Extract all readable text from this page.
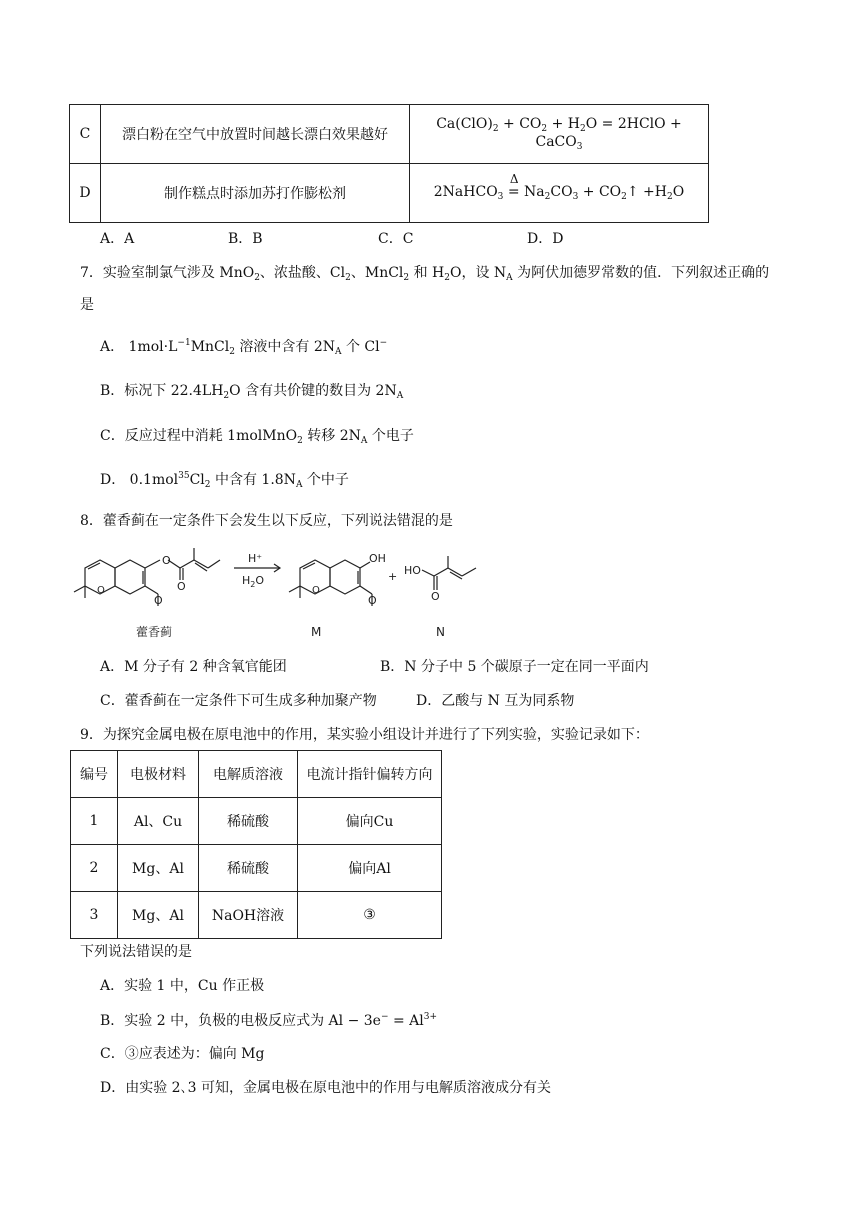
C	漂白粉在空气中放置时间越长漂白效果越好	$Ca(ClO)_2 + CO_2 + H_2O$ = 2HClO + CaCO$_3$
D	制作糕点时添加苏打作膨松剂	2NaHCO$_3$
Δ
= $Na_2CO_3$ + $CO_2↑ +H_2O$
A．A	B．B	C．C	D．D
7．实验室制氯气涉及 MnO$_2$、浓盐酸、$Cl_2$、MnCl$_2$ 和 $H_2O$，设 $N_A$ 为阿伏加德罗常数的值．下列叙述正确的
是
A． $1mol\cdot L^{-1}MnCl_2$ 溶液中含有 $2N_A$ 个 Cl−
B．标况下 $22.4LH_2O$ 含有共价键的数目为 $2N_A$
C．反应过程中消耗 1molMnO$_2$ 转移 $2N_A$ 个电子
D． $0.1mol^{35}Cl_2$ 中含有 $1.8N_A$ 个中子
8．藿香蓟在一定条件下会发生以下反应，下列说法错混的是
O
O
O
O
H⁺
$H_2O$
O
OH
O
+ HO
O
藿香蓟	M	N
A．M 分子有 2 种含氧官能团	B．N 分子中 5 个碳原子一定在同一平面内
C．藿香蓟在一定条件下可生成多种加聚产物	D．乙酸与 N 互为同系物
9．为探究金属电极在原电池中的作用，某实验小组设计并进行了下列实验，实验记录如下：
编号	电极材料	电解质溶液	电流计指针偏转方向
1	Al、Cu	稀硫酸	偏向Cu
2	Mg、Al	稀硫酸	偏向Al
3	Mg、Al	NaOH溶液	③
下列说法错误的是
A．实验 1 中，Cu 作正极
B．实验 2 中，负极的电极反应式为 $Al - 3e^- = Al^{3+}$
C．③应表述为：偏向 Mg
D．由实验 2､3 可知，金属电极在原电池中的作用与电解质溶液成分有关
